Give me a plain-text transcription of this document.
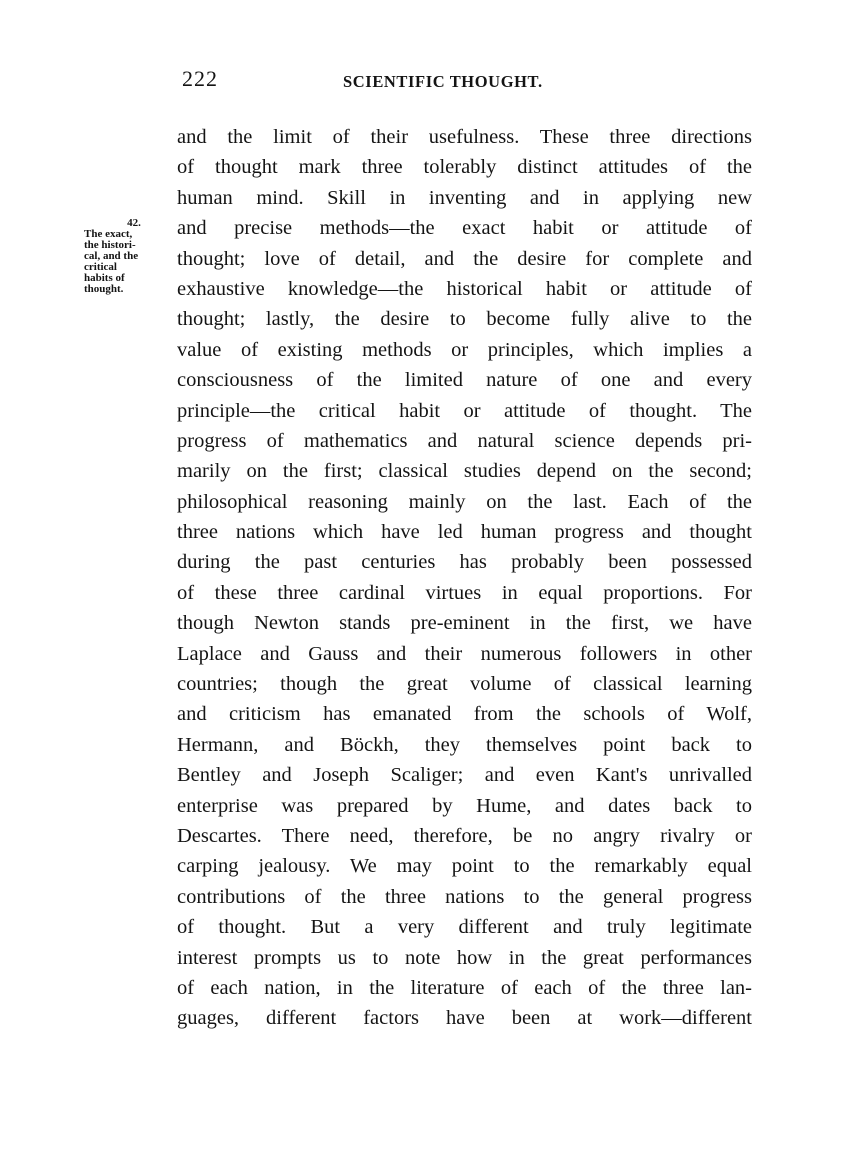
222	SCIENTIFIC THOUGHT.
42.
The exact,
the histori-
cal, and the
critical
habits of
thought.
and the limit of their usefulness. These three directions
of thought mark three tolerably distinct attitudes of the
human mind. Skill in inventing and in applying new
and precise methods—the exact habit or attitude of
thought; love of detail, and the desire for complete and
exhaustive knowledge—the historical habit or attitude of
thought; lastly, the desire to become fully alive to the
value of existing methods or principles, which implies a
consciousness of the limited nature of one and every
principle—the critical habit or attitude of thought. The
progress of mathematics and natural science depends pri-
marily on the first; classical studies depend on the second;
philosophical reasoning mainly on the last. Each of the
three nations which have led human progress and thought
during the past centuries has probably been possessed
of these three cardinal virtues in equal proportions. For
though Newton stands pre-eminent in the first, we have
Laplace and Gauss and their numerous followers in other
countries; though the great volume of classical learning
and criticism has emanated from the schools of Wolf,
Hermann, and Böckh, they themselves point back to
Bentley and Joseph Scaliger; and even Kant's unrivalled
enterprise was prepared by Hume, and dates back to
Descartes. There need, therefore, be no angry rivalry or
carping jealousy. We may point to the remarkably equal
contributions of the three nations to the general progress
of thought. But a very different and truly legitimate
interest prompts us to note how in the great performances
of each nation, in the literature of each of the three lan-
guages, different factors have been at work—different
